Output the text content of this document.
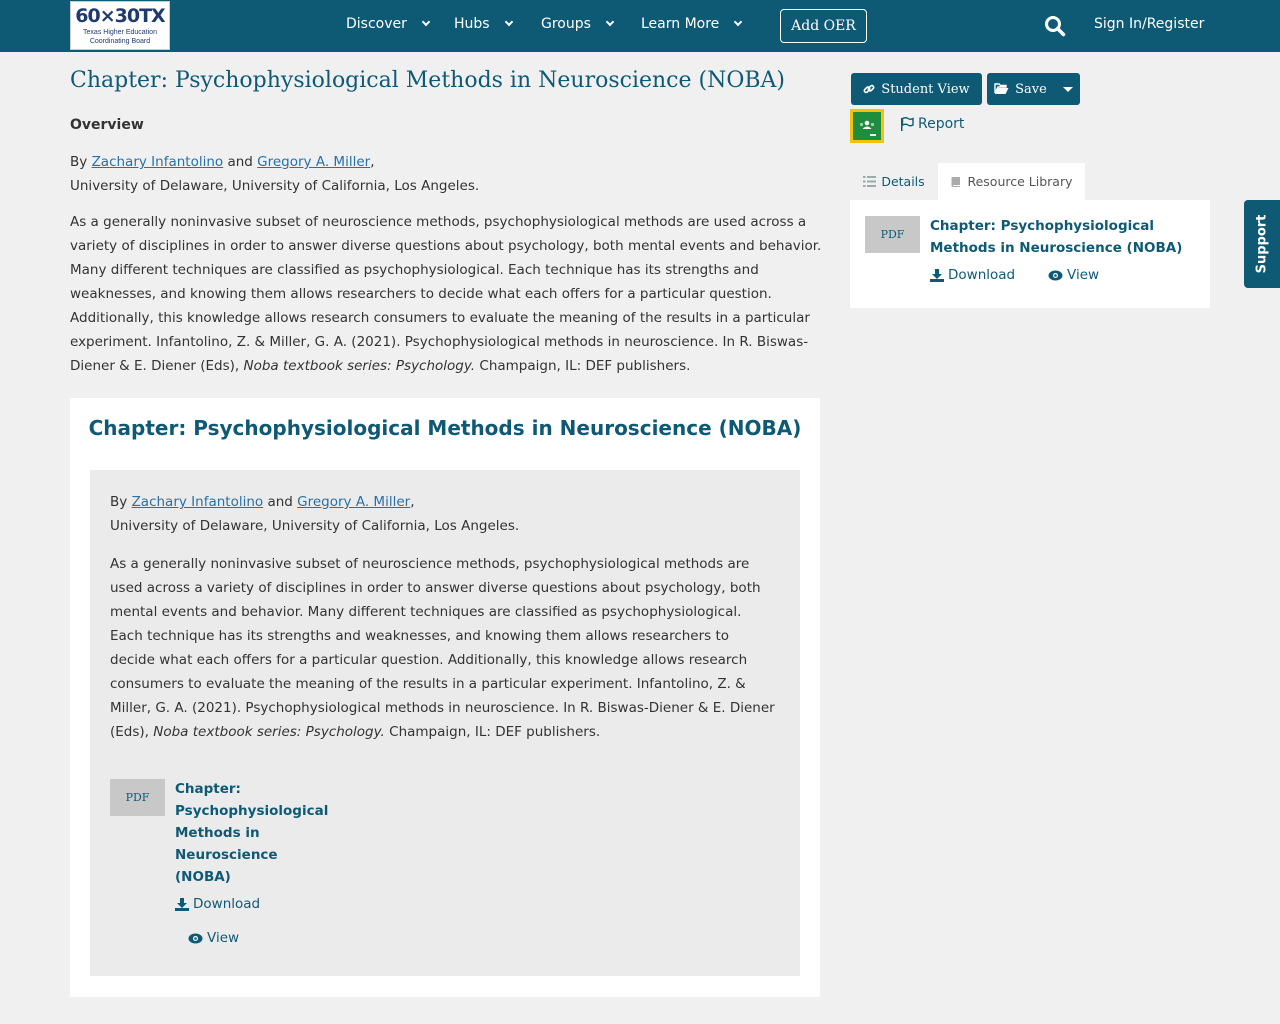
60×30TX
Texas Higher Education
Coordinating Board
Discover	Hubs	Groups	Learn More	Add OER	Sign In/Register
Chapter: Psychophysiological Methods in Neuroscience (NOBA)
Overview
By Zachary Infantolino and Gregory A. Miller,
University of Delaware, University of California, Los Angeles.

As a generally noninvasive subset of neuroscience methods, psychophysiological methods are used across a variety of disciplines in order to answer diverse questions about psychology, both mental events and behavior. Many different techniques are classified as psychophysiological. Each technique has its strengths and weaknesses, and knowing them allows researchers to decide what each offers for a particular question. Additionally, this knowledge allows research consumers to evaluate the meaning of the results in a particular experiment. Infantolino, Z. & Miller, G. A. (2021). Psychophysiological methods in neuroscience. In R. Biswas-Diener & E. Diener (Eds), Noba textbook series: Psychology. Champaign, IL: DEF publishers.

Chapter: Psychophysiological Methods in Neuroscience (NOBA)
By Zachary Infantolino and Gregory A. Miller,
University of Delaware, University of California, Los Angeles.

As a generally noninvasive subset of neuroscience methods, psychophysiological methods are used across a variety of disciplines in order to answer diverse questions about psychology, both mental events and behavior. Many different techniques are classified as psychophysiological. Each technique has its strengths and weaknesses, and knowing them allows researchers to decide what each offers for a particular question. Additionally, this knowledge allows research consumers to evaluate the meaning of the results in a particular experiment. Infantolino, Z. & Miller, G. A. (2021). Psychophysiological methods in neuroscience. In R. Biswas-Diener & E. Diener (Eds), Noba textbook series: Psychology. Champaign, IL: DEF publishers.

PDF
Chapter: Psychophysiological Methods in Neuroscience (NOBA)
Download
View
Student View	Save
Report
Details	Resource Library
PDF
Chapter: Psychophysiological Methods in Neuroscience (NOBA)
Download	View
Support
